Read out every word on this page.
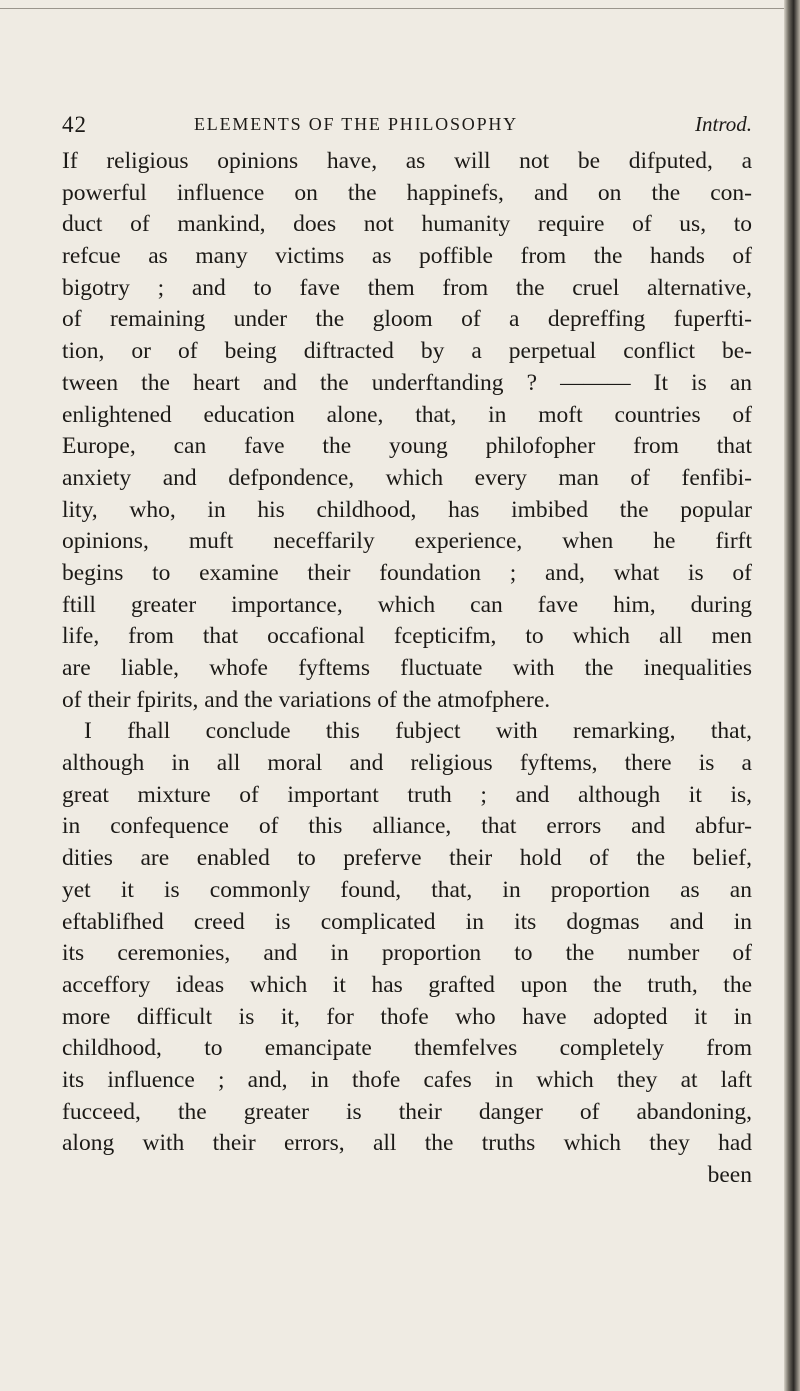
42	ELEMENTS OF THE PHILOSOPHY	Introd.
If religious opinions have, as will not be difputed, a
powerful influence on the happinefs, and on the con-
duct of mankind, does not humanity require of us, to
refcue as many victims as poffible from the hands of
bigotry ; and to fave them from the cruel alternative,
of remaining under the gloom of a depreffing fuperfti-
tion, or of being diftracted by a perpetual conflict be-
tween the heart and the underftanding ? ——— It is an
enlightened education alone, that, in moft countries of
Europe, can fave the young philofopher from that
anxiety and defpondence, which every man of fenfibi-
lity, who, in his childhood, has imbibed the popular
opinions, muft neceffarily experience, when he firft
begins to examine their foundation ; and, what is of
ftill greater importance, which can fave him, during
life, from that occafional fcepticifm, to which all men
are liable, whofe fyftems fluctuate with the inequalities
of their fpirits, and the variations of the atmofphere.
I fhall conclude this fubject with remarking, that,
although in all moral and religious fyftems, there is a
great mixture of important truth ; and although it is,
in confequence of this alliance, that errors and abfur-
dities are enabled to preferve their hold of the belief,
yet it is commonly found, that, in proportion as an
eftablifhed creed is complicated in its dogmas and in
its ceremonies, and in proportion to the number of
acceffory ideas which it has grafted upon the truth, the
more difficult is it, for thofe who have adopted it in
childhood, to emancipate themfelves completely from
its influence ; and, in thofe cafes in which they at laft
fucceed, the greater is their danger of abandoning,
along with their errors, all the truths which they had
been
